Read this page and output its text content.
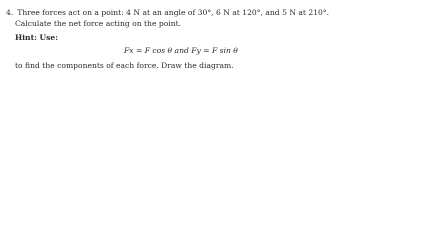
4. Three forces act on a point: 4 N at an angle of 30°, 6 N at 120°, and 5 N at 210°.
Calculate the net force acting on the point.
Hint: Use:
Fx = F cos θ and Fy = F sin θ
to find the components of each force. Draw the diagram.
